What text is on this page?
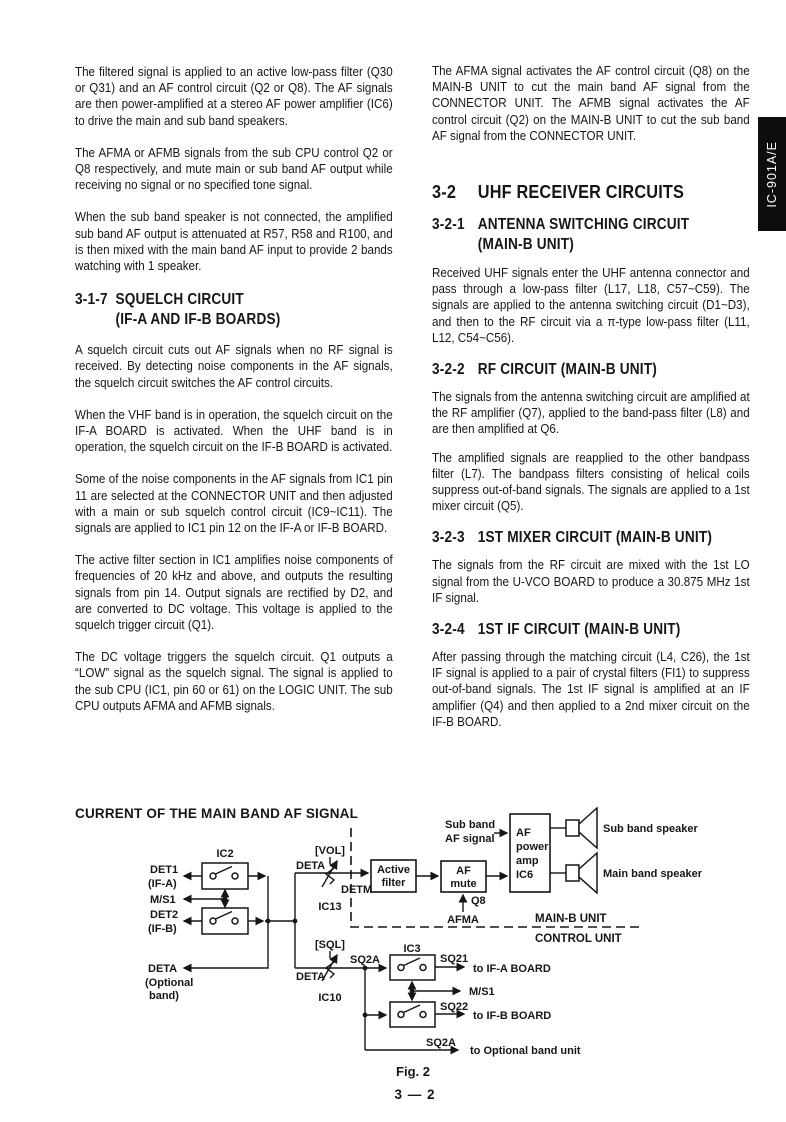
The filtered signal is applied to an active low-pass filter (Q30 or Q31) and an AF control circuit (Q2 or Q8). The AF signals are then power-amplified at a stereo AF power amplifier (IC6) to drive the main and sub band speakers.

The AFMA or AFMB signals from the sub CPU control Q2 or Q8 respectively, and mute main or sub band AF output while receiving no signal or no specified tone signal.

When the sub band speaker is not connected, the amplified sub band AF output is attenuated at R57, R58 and R100, and is then mixed with the main band AF input to provide 2 bands watching with 1 speaker.

3-1-7 SQUELCH CIRCUIT
(IF-A AND IF-B BOARDS)

A squelch circuit cuts out AF signals when no RF signal is received. By detecting noise components in the AF signals, the squelch circuit switches the AF control circuits.

When the VHF band is in operation, the squelch circuit on the IF-A BOARD is activated. When the UHF band is in operation, the squelch circuit on the IF-B BOARD is activated.

Some of the noise components in the AF signals from IC1 pin 11 are selected at the CONNECTOR UNIT and then adjusted with a main or sub squelch control circuit (IC9~IC11). The signals are applied to IC1 pin 12 on the IF-A or IF-B BOARD.

The active filter section in IC1 amplifies noise components of frequencies of 20 kHz and above, and outputs the resulting signals from pin 14. Output signals are rectified by D2, and are converted to DC voltage. This voltage is applied to the squelch trigger circuit (Q1).

The DC voltage triggers the squelch circuit. Q1 outputs a “LOW” signal as the squelch signal. The signal is applied to the sub CPU (IC1, pin 60 or 61) on the LOGIC UNIT. The sub CPU outputs AFMA and AFMB signals.

The AFMA signal activates the AF control circuit (Q8) on the MAIN-B UNIT to cut the main band AF signal from the CONNECTOR UNIT. The AFMB signal activates the AF control circuit (Q2) on the MAIN-B UNIT to cut the sub band AF signal from the CONNECTOR UNIT.

3-2	UHF RECEIVER CIRCUITS
3-2-1 ANTENNA SWITCHING CIRCUIT
(MAIN-B UNIT)

Received UHF signals enter the UHF antenna connector and pass through a low-pass filter (L17, L18, C57~C59). The signals are applied to the antenna switching circuit (D1~D3), and then to the RF circuit via a π-type low-pass filter (L11, L12, C54~C56).

3-2-2 RF CIRCUIT (MAIN-B UNIT)

The signals from the antenna switching circuit are amplified at the RF amplifier (Q7), applied to the band-pass filter (L8) and are then amplified at Q6.

The amplified signals are reapplied to the other bandpass filter (L7). The bandpass filters consisting of helical coils suppress out-of-band signals. The signals are applied to a 1st mixer circuit (Q5).

3-2-3 1ST MIXER CIRCUIT (MAIN-B UNIT)

The signals from the RF circuit are mixed with the 1st LO signal from the U-VCO BOARD to produce a 30.875 MHz 1st IF signal.

3-2-4 1ST IF CIRCUIT (MAIN-B UNIT)

After passing through the matching circuit (L4, C26), the 1st IF signal is applied to a pair of crystal filters (FI1) to suppress out-of-band signals. The 1st IF signal is amplified at an IF amplifier (Q4) and then applied to a 2nd mixer circuit on the IF-B BOARD.

IC-901A/E
CURRENT OF THE MAIN BAND AF SIGNAL
Active
filter
AF
mute
AF
power
amp
IC6
IC2
DET1
(IF-A)
M/S1
DET2
(IF-B)
DETA
(Optional
band)
[VOL]
DETA
DETM
IC13
[SQL]
DETA
IC10
SQ2A
Q8
AFMA
Sub band
AF signal
Sub band speaker
Main band speaker
MAIN-B UNIT
CONTROL UNIT
IC3
SQ21
to IF-A BOARD
M/S1
SQ22
to IF-B BOARD
SQ2A
to Optional band unit
Fig. 2
3 — 2
